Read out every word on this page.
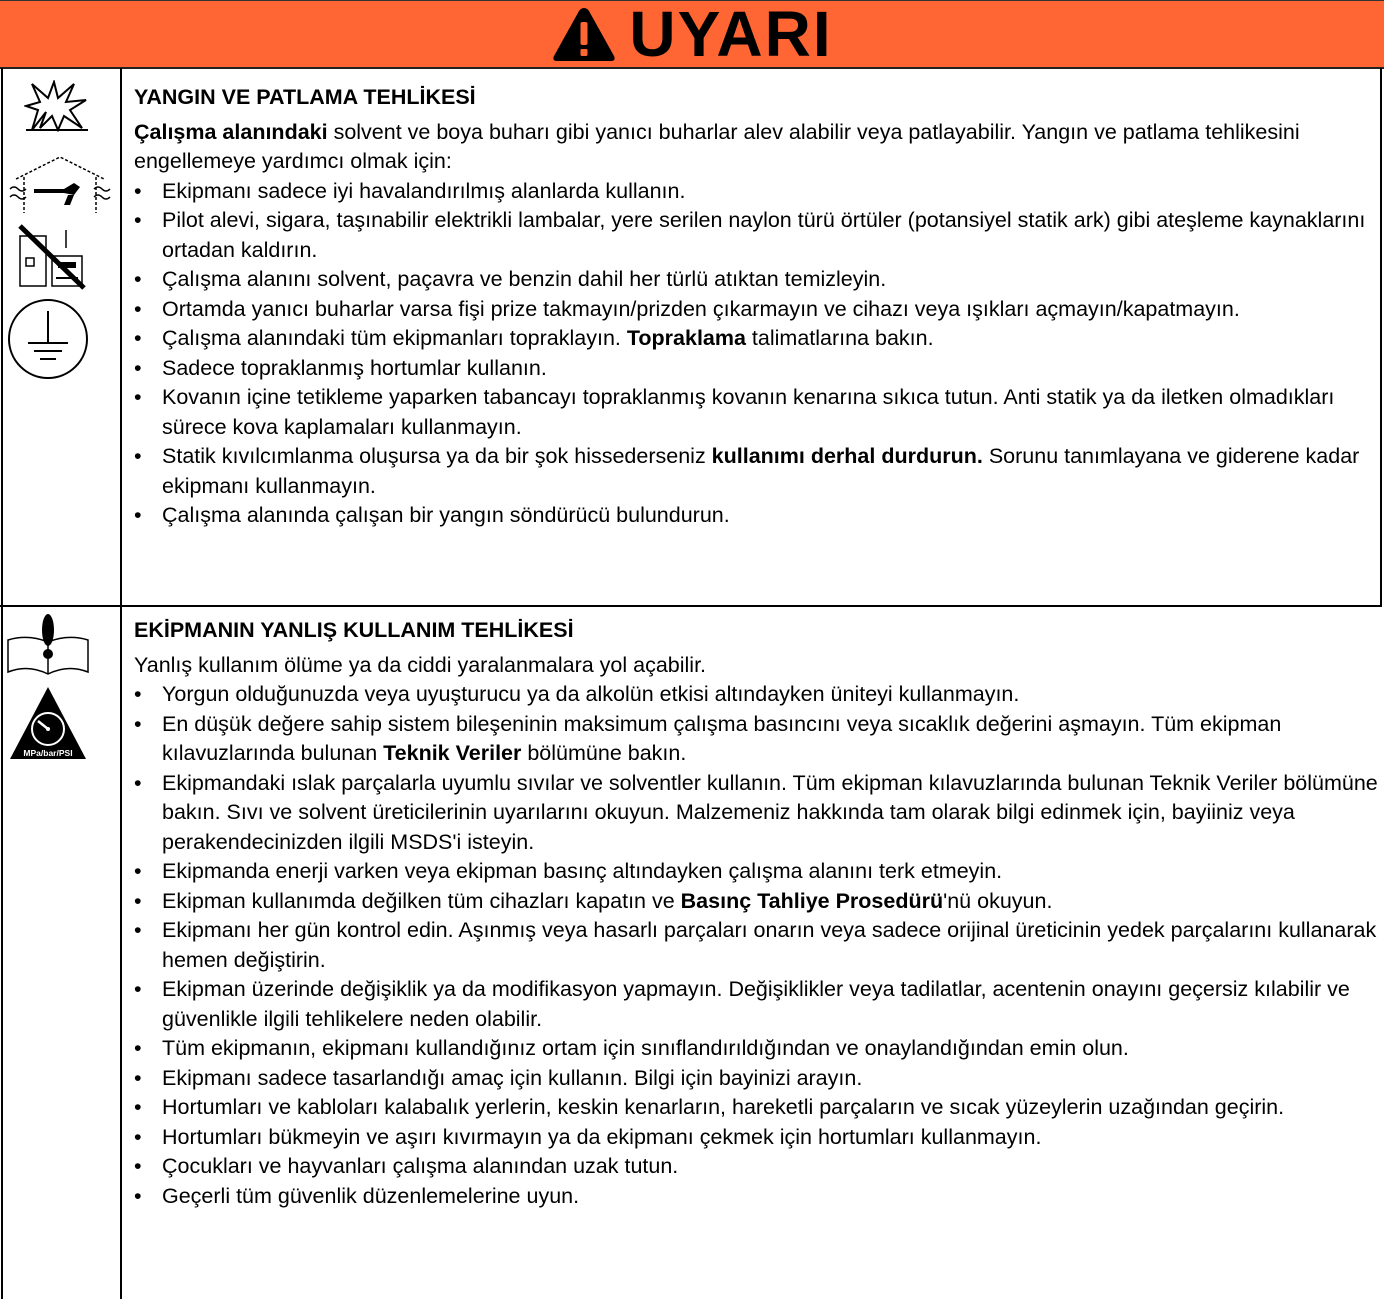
UYARI
MPa/bar/PSI
YANGIN VE PATLAMA TEHLİKESİ
Çalışma alanındaki solvent ve boya buharı gibi yanıcı buharlar alev alabilir veya patlayabilir. Yangın ve patlama tehlikesini engellemeye yardımcı olmak için:
• Ekipmanı sadece iyi havalandırılmış alanlarda kullanın.
• Pilot alevi, sigara, taşınabilir elektrikli lambalar, yere serilen naylon türü örtüler (potansiyel statik ark) gibi ateşleme kaynaklarını ortadan kaldırın.
• Çalışma alanını solvent, paçavra ve benzin dahil her türlü atıktan temizleyin.
• Ortamda yanıcı buharlar varsa fişi prize takmayın/prizden çıkarmayın ve cihazı veya ışıkları açmayın/kapatmayın.
• Çalışma alanındaki tüm ekipmanları topraklayın. Topraklama talimatlarına bakın.
• Sadece topraklanmış hortumlar kullanın.
• Kovanın içine tetikleme yaparken tabancayı topraklanmış kovanın kenarına sıkıca tutun. Anti statik ya da iletken olmadıkları sürece kova kaplamaları kullanmayın.
• Statik kıvılcımlanma oluşursa ya da bir şok hissederseniz kullanımı derhal durdurun. Sorunu tanımlayana ve giderene kadar ekipmanı kullanmayın.
• Çalışma alanında çalışan bir yangın söndürücü bulundurun.
EKİPMANIN YANLIŞ KULLANIM TEHLİKESİ
Yanlış kullanım ölüme ya da ciddi yaralanmalara yol açabilir.
• Yorgun olduğunuzda veya uyuşturucu ya da alkolün etkisi altındayken üniteyi kullanmayın.
• En düşük değere sahip sistem bileşeninin maksimum çalışma basıncını veya sıcaklık değerini aşmayın. Tüm ekipman kılavuzlarında bulunan Teknik Veriler bölümüne bakın.
• Ekipmandaki ıslak parçalarla uyumlu sıvılar ve solventler kullanın. Tüm ekipman kılavuzlarında bulunan Teknik Veriler bölümüne bakın. Sıvı ve solvent üreticilerinin uyarılarını okuyun. Malzemeniz hakkında tam olarak bilgi edinmek için, bayiiniz veya perakendecinizden ilgili MSDS'i isteyin.
• Ekipmanda enerji varken veya ekipman basınç altındayken çalışma alanını terk etmeyin.
• Ekipman kullanımda değilken tüm cihazları kapatın ve Basınç Tahliye Prosedürü'nü okuyun.
• Ekipmanı her gün kontrol edin. Aşınmış veya hasarlı parçaları onarın veya sadece orijinal üreticinin yedek parçalarını kullanarak hemen değiştirin.
• Ekipman üzerinde değişiklik ya da modifikasyon yapmayın. Değişiklikler veya tadilatlar, acentenin onayını geçersiz kılabilir ve güvenlikle ilgili tehlikelere neden olabilir.
• Tüm ekipmanın, ekipmanı kullandığınız ortam için sınıflandırıldığından ve onaylandığından emin olun.
• Ekipmanı sadece tasarlandığı amaç için kullanın. Bilgi için bayinizi arayın.
• Hortumları ve kabloları kalabalık yerlerin, keskin kenarların, hareketli parçaların ve sıcak yüzeylerin uzağından geçirin.
• Hortumları bükmeyin ve aşırı kıvırmayın ya da ekipmanı çekmek için hortumları kullanmayın.
• Çocukları ve hayvanları çalışma alanından uzak tutun.
• Geçerli tüm güvenlik düzenlemelerine uyun.
